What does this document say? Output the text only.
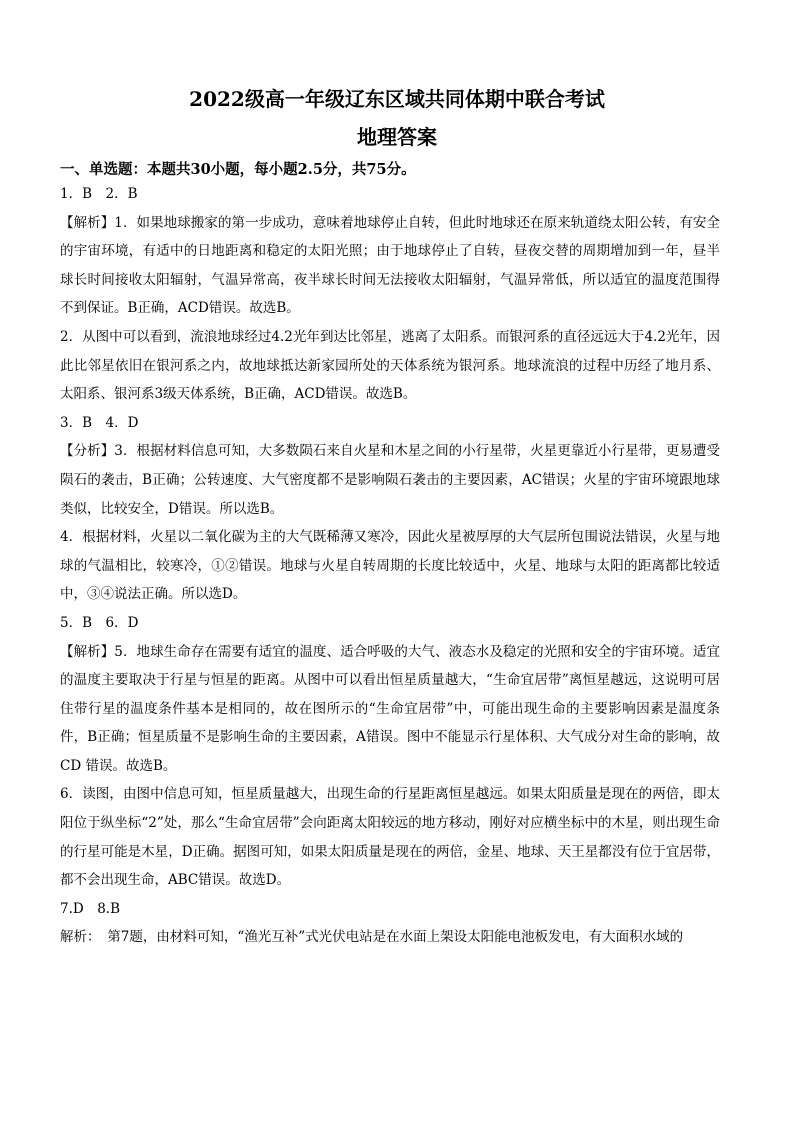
2022级高一年级辽东区域共同体期中联合考试
地理答案
一、单选题：本题共30小题，每小题2.5分，共75分。
1．B　2．B

【解析】1．如果地球搬家的第一步成功，意味着地球停止自转，但此时地球还在原来轨道绕太阳公转，有安全的宇宙环境，有适中的日地距离和稳定的太阳光照；由于地球停止了自转，昼夜交替的周期增加到一年，昼半球长时间接收太阳辐射，气温异常高，夜半球长时间无法接收太阳辐射，气温异常低，所以适宜的温度范围得不到保证。B正确，ACD错误。故选B。

2．从图中可以看到，流浪地球经过4.2光年到达比邻星，逃离了太阳系。而银河系的直径远远大于4.2光年，因此比邻星依旧在银河系之内，故地球抵达新家园所处的天体系统为银河系。地球流浪的过程中历经了地月系、太阳系、银河系3级天体系统，B正确，ACD错误。故选B。

3．B　4．D

【分析】3．根据材料信息可知，大多数陨石来自火星和木星之间的小行星带，火星更靠近小行星带，更易遭受陨石的袭击，B正确；公转速度、大气密度都不是影响陨石袭击的主要因素，AC错误；火星的宇宙环境跟地球类似，比较安全，D错误。所以选B。

4．根据材料，火星以二氧化碳为主的大气既稀薄又寒冷，因此火星被厚厚的大气层所包围说法错误，火星与地球的气温相比，较寒冷，①②错误。地球与火星自转周期的长度比较适中，火星、地球与太阳的距离都比较适中，③④说法正确。所以选D。

5．B　6．D

【解析】5．地球生命存在需要有适宜的温度、适合呼吸的大气、液态水及稳定的光照和安全的宇宙环境。适宜的温度主要取决于行星与恒星的距离。从图中可以看出恒星质量越大，“生命宜居带”离恒星越远，这说明可居住带行星的温度条件基本是相同的，故在图所示的“生命宜居带”中，可能出现生命的主要影响因素是温度条件，B正确；恒星质量不是影响生命的主要因素，A错误。图中不能显示行星体积、大气成分对生命的影响，故 CD 错误。故选B。

6．读图，由图中信息可知，恒星质量越大，出现生命的行星距离恒星越远。如果太阳质量是现在的两倍，即太阳位于纵坐标“2”处，那么“生命宜居带”会向距离太阳较远的地方移动，刚好对应横坐标中的木星，则出现生命的行星可能是木星，D正确。据图可知，如果太阳质量是现在的两倍，金星、地球、天王星都没有位于宜居带，都不会出现生命，ABC错误。故选D。

7.D　8.B

解析：　第7题，由材料可知，“渔光互补”式光伏电站是在水面上架设太阳能电池板发电，有大面积水域的
